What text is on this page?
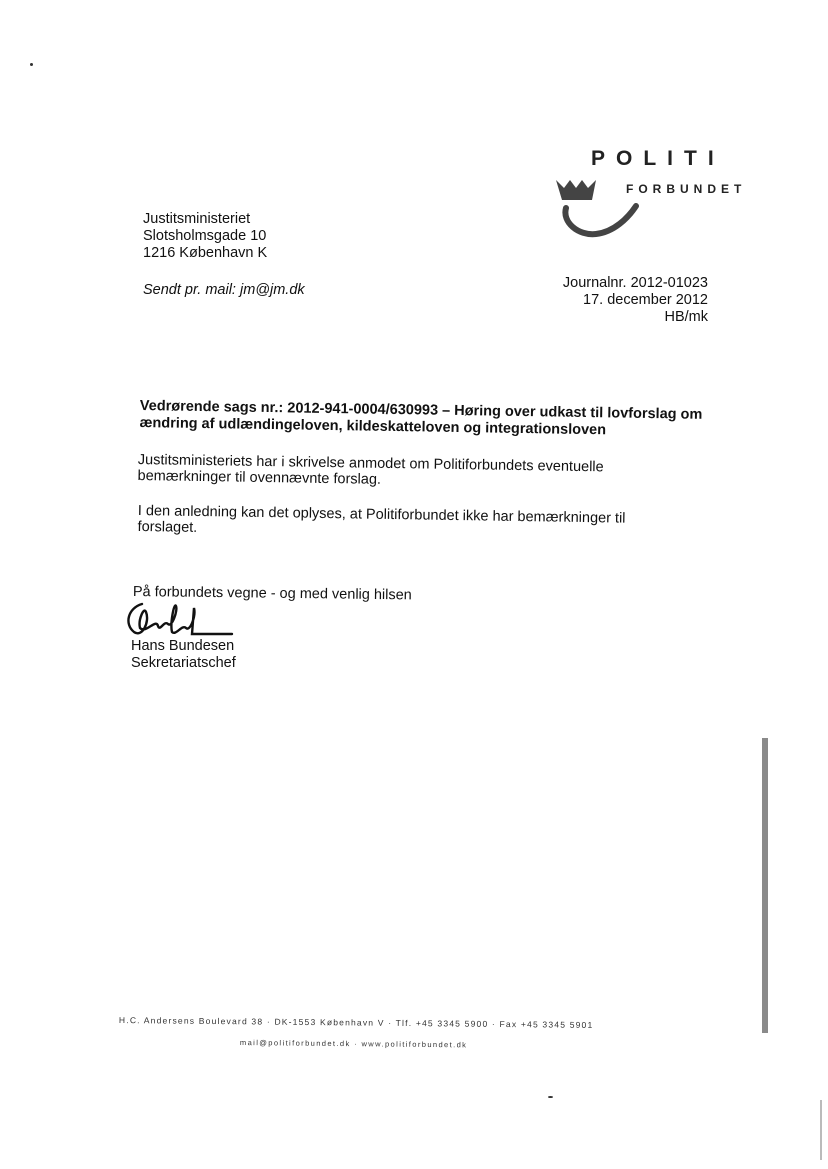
POLITI
FORBUNDET
Justitsministeriet
Slotsholmsgade 10
1216 København K
Sendt pr. mail: jm@jm.dk	Journalnr. 2012-01023
17. december 2012
HB/mk
Vedrørende sags nr.: 2012-941-0004/630993 – Høring over udkast til lovforslag om ændring af udlændingeloven, kildeskatteloven og integrationsloven
Justitsministeriets har i skrivelse anmodet om Politiforbundets eventuelle bemærkninger til ovennævnte forslag.
I den anledning kan det oplyses, at Politiforbundet ikke har bemærkninger til forslaget.
På forbundets vegne - og med venlig hilsen
Hans Bundesen
Sekretariatschef
H.C. Andersens Boulevard 38 · DK-1553 København V · Tlf. +45 3345 5900 · Fax +45 3345 5901
mail@politiforbundet.dk · www.politiforbundet.dk
